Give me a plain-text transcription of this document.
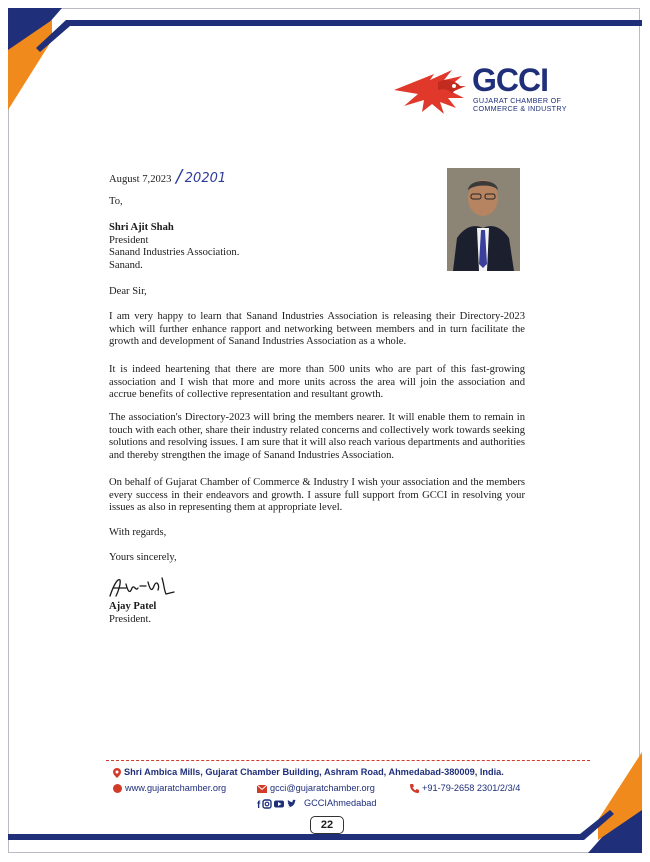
GCCI
GUJARAT CHAMBER OF
COMMERCE & INDUSTRY
August 7,2023 / 20201
To,
Shri Ajit Shah
President
Sanand Industries Association.
Sanand.
Dear Sir,
I am very happy to learn that Sanand Industries Association is releasing their Directory-2023 which will further enhance rapport and networking between members and in turn facilitate the growth and development of Sanand Industries Association as a whole.
It is indeed heartening that there are more than 500 units who are part of this fast-growing association and I wish that more and more units across the area will join the association and accrue benefits of collective representation and resultant growth.
The association's Directory-2023 will bring the members nearer. It will enable them to remain in touch with each other, share their industry related concerns and collectively work towards seeking solutions and resolving issues. I am sure that it will also reach various departments and authorities and thereby strengthen the image of Sanand Industries Association.
On behalf of Gujarat Chamber of Commerce & Industry I wish your association and the members every success in their endeavors and growth. I assure full support from GCCI in resolving your issues as also in representing them at appropriate level.
With regards,
Yours sincerely,
Ajay Patel
President.
Shri Ambica Mills, Gujarat Chamber Building, Ashram Road, Ahmedabad-380009, India.
www.gujaratchamber.org	gcci@gujaratchamber.org	+91-79-2658 2301/2/3/4
f	GCCIAhmedabad
22
